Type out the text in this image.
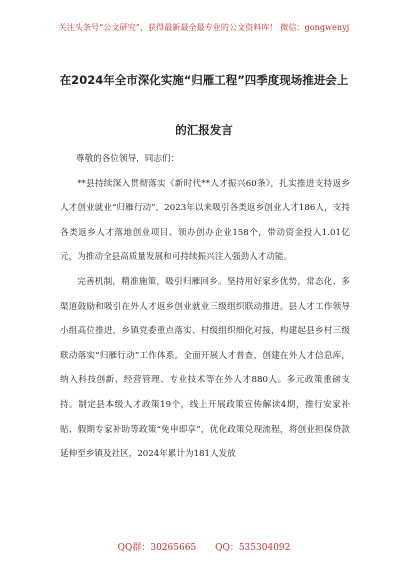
关注头条号“公文研究”，获得最新最全最专业的公文资料库！ 微信：gongwenyj
在2024年全市深化实施“归雁工程”四季度现场推进会上
的汇报发言

尊敬的各位领导，同志们：

**县持续深入贯彻落实《新时代**人才振兴60条》，扎实推进支持返乡人才创业就业“归雁行动”，2023年以来吸引各类返乡创业人才186人，支持各类返乡人才落地创业项目、领办创办企业158个，带动资金投入1.01亿元，为推动全县高质量发展和可持续振兴注入强劲人才动能。

完善机制，精准施策，吸引归雁回乡。坚持用好家乡优势，常态化、多渠道鼓励和吸引在外人才返乡创业就业三级组织联动推进。县人才工作领导小组高位推进，乡镇党委重点落实、村级组织细化对接，构建起县乡村三级联动落实“归雁行动”工作体系。全面开展人才普查，创建在外人才信息库，纳入科技创新、经营管理、专业技术等在外人才880人。多元政策重磅支持。制定县本级人才政策19个，线上开展政策宣传解读4期，推行安家补贴、假期专家补助等政策“免申即享”，优化政策兑现流程，将创业担保贷款延伸至乡镇及社区，2024年累计为181人发放

QQ群：30265665 QQ：535304092
